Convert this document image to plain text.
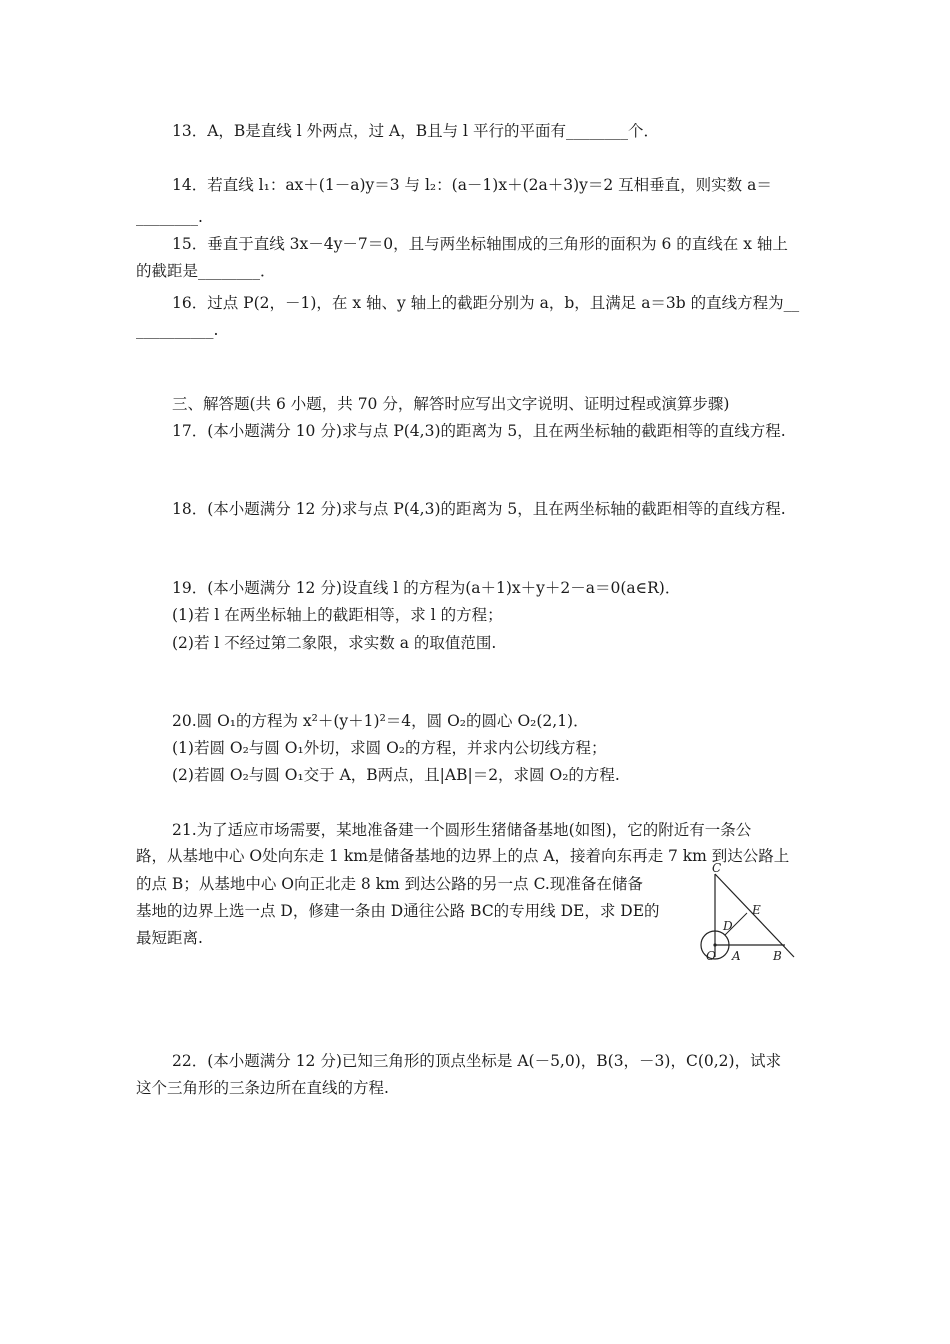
13．A，B是直线 l 外两点，过 A，B且与 l 平行的平面有________个．
14．若直线 l₁：ax＋(1－a)y＝3 与 l₂：(a－1)x＋(2a＋3)y＝2 互相垂直，则实数 a＝
________.
15．垂直于直线 3x－4y－7＝0，且与两坐标轴围成的三角形的面积为 6 的直线在 x 轴上
的截距是________．
16．过点 P(2，－1)，在 x 轴、y 轴上的截距分别为 a，b，且满足 a＝3b 的直线方程为__
__________.
三、解答题(共 6 小题，共 70 分，解答时应写出文字说明、证明过程或演算步骤)
17．(本小题满分 10 分)求与点 P(4,3)的距离为 5，且在两坐标轴的截距相等的直线方程.
18．(本小题满分 12 分)求与点 P(4,3)的距离为 5，且在两坐标轴的截距相等的直线方程.
19．(本小题满分 12 分)设直线 l 的方程为(a＋1)x＋y＋2－a＝0(a∈R)．
(1)若 l 在两坐标轴上的截距相等，求 l 的方程；
(2)若 l 不经过第二象限，求实数 a 的取值范围.
20.圆 O₁的方程为 x²＋(y＋1)²＝4，圆 O₂的圆心 O₂(2,1)．
(1)若圆 O₂与圆 O₁外切，求圆 O₂的方程，并求内公切线方程；
(2)若圆 O₂与圆 O₁交于 A，B两点，且|AB|＝2，求圆 O₂的方程.
21.为了适应市场需要，某地准备建一个圆形生猪储备基地(如图)，它的附近有一条公
路，从基地中心 O处向东走 1 km是储备基地的边界上的点 A，接着向东再走 7 km 到达公路上
的点 B；从基地中心 O向正北走 8 km 到达公路的另一点 C.现准备在储备
基地的边界上选一点 D，修建一条由 D通往公路 BC的专用线 DE，求 DE的
最短距离.
C
E
D
O A	B
22．(本小题满分 12 分)已知三角形的顶点坐标是 A(－5,0)，B(3，－3)，C(0,2)，试求
这个三角形的三条边所在直线的方程.
